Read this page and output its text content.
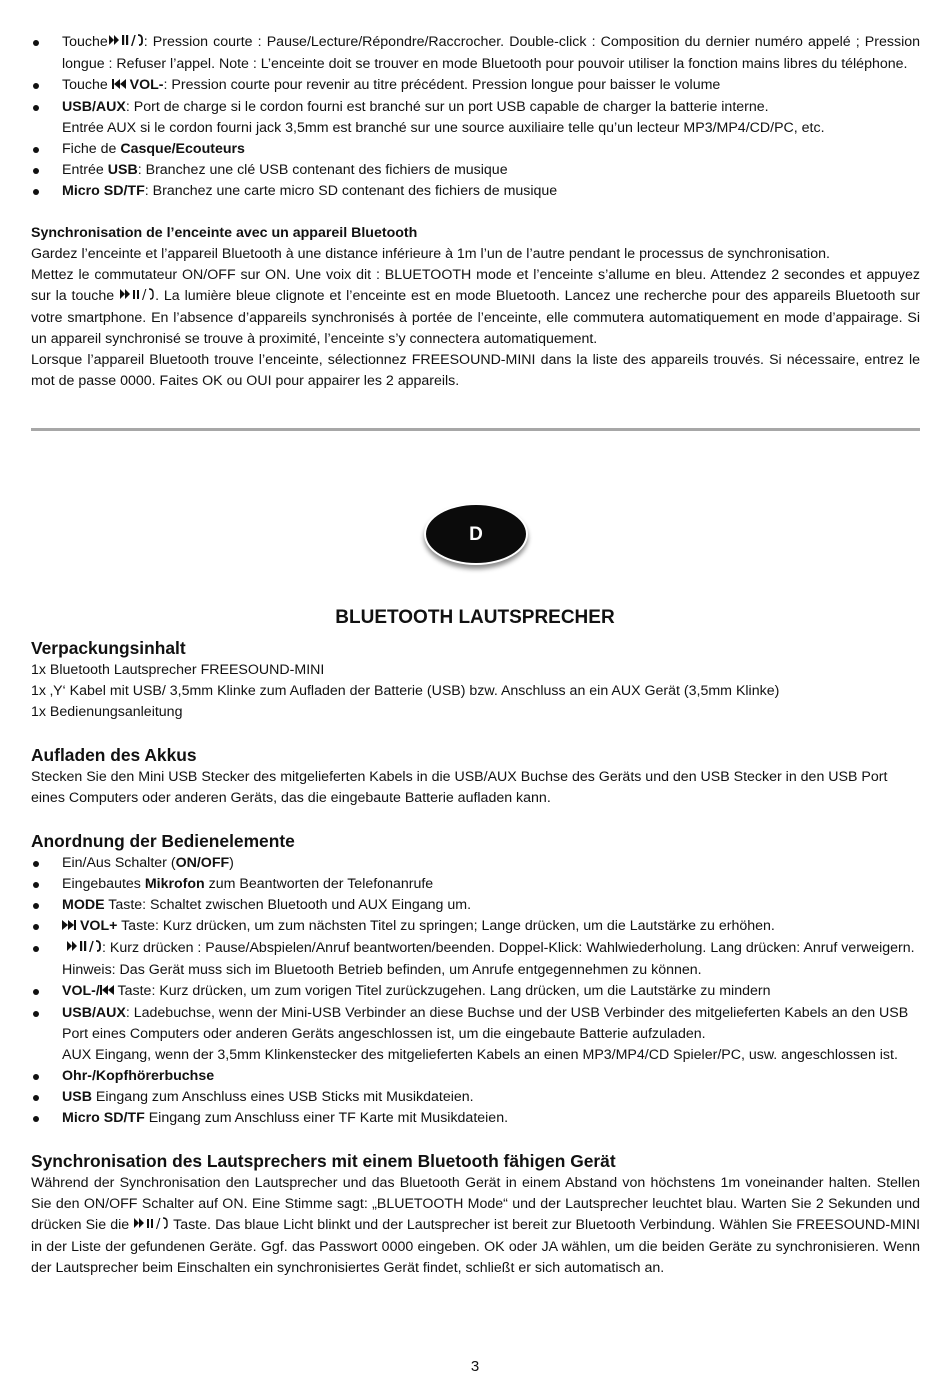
Touche / : Pression courte : Pause/Lecture/Répondre/Raccrocher. Double-click : Composition du dernier numéro appelé ; Pression longue : Refuser l’appel. Note : L’enceinte doit se trouver en mode Bluetooth pour pouvoir utiliser la fonction mains libres du téléphone.
Touche  VOL-: Pression courte pour revenir au titre précédent. Pression longue pour baisser le volume
USB/AUX: Port de charge si le cordon fourni est branché sur un port USB capable de charger la batterie interne.
Entrée AUX si le cordon fourni jack 3,5mm est branché sur une source auxiliaire telle qu’un lecteur MP3/MP4/CD/PC, etc.
Fiche de Casque/Ecouteurs
Entrée USB: Branchez une clé USB contenant des fichiers de musique
Micro SD/TF: Branchez une carte micro SD contenant des fichiers de musique
Synchronisation de l’enceinte avec un appareil Bluetooth

Gardez l’enceinte et l’appareil Bluetooth à une distance inférieure à 1m l’un de l’autre pendant le processus de synchronisation.

Mettez le commutateur ON/OFF sur ON. Une voix dit : BLUETOOTH mode et l’enceinte s’allume en bleu. Attendez 2 secondes et appuyez sur la touche / . La lumière bleue clignote et l’enceinte est en mode Bluetooth. Lancez une recherche pour des appareils Bluetooth sur votre smartphone. En l’absence d’appareils synchronisés à portée de l’enceinte, elle commutera automatiquement en mode d’appairage. Si un appareil synchronisé se trouve à proximité, l’enceinte s’y connectera automatiquement.

Lorsque l’appareil Bluetooth trouve l’enceinte, sélectionnez FREESOUND-MINI dans la liste des appareils trouvés. Si nécessaire, entrez le mot de passe 0000. Faites OK ou OUI pour appairer les 2 appareils.

D
BLUETOOTH LAUTSPRECHER
Verpackungsinhalt

1x Bluetooth Lautsprecher FREESOUND-MINI

1x ‚Y‘ Kabel mit USB/ 3,5mm Klinke zum Aufladen der Batterie (USB) bzw. Anschluss an ein AUX Gerät (3,5mm Klinke)

1x Bedienungsanleitung

Aufladen des Akkus

Stecken Sie den Mini USB Stecker des mitgelieferten Kabels in die USB/AUX Buchse des Geräts und den USB Stecker in den USB Port eines Computers oder anderen Geräts, das die eingebaute Batterie aufladen kann.

Anordnung der Bedienelemente
Ein/Aus Schalter (ON/OFF)
Eingebautes Mikrofon zum Beantworten der Telefonanrufe
MODE Taste: Schaltet zwischen Bluetooth und AUX Eingang um.
VOL+ Taste: Kurz drücken, um zum nächsten Titel zu springen; Lange drücken, um die Lautstärke zu erhöhen.
/ : Kurz drücken : Pause/Abspielen/Anruf beantworten/beenden. Doppel-Klick: Wahlwiederholung. Lang drücken: Anruf verweigern. Hinweis: Das Gerät muss sich im Bluetooth Betrieb befinden, um Anrufe entgegennehmen zu können.
VOL-/ Taste: Kurz drücken, um zum vorigen Titel zurückzugehen. Lang drücken, um die Lautstärke zu mindern
USB/AUX: Ladebuchse, wenn der Mini-USB Verbinder an diese Buchse und der USB Verbinder des mitgelieferten Kabels an den USB Port eines Computers oder anderen Geräts angeschlossen ist, um die eingebaute Batterie aufzuladen.
AUX Eingang, wenn der 3,5mm Klinkenstecker des mitgelieferten Kabels an einen MP3/MP4/CD Spieler/PC, usw. angeschlossen ist.
Ohr-/Kopfhörerbuchse
USB Eingang zum Anschluss eines USB Sticks mit Musikdateien.
Micro SD/TF Eingang zum Anschluss einer TF Karte mit Musikdateien.
Synchronisation des Lautsprechers mit einem Bluetooth fähigen Gerät

Während der Synchronisation den Lautsprecher und das Bluetooth Gerät in einem Abstand von höchstens 1m voneinander halten. Stellen Sie den ON/OFF Schalter auf ON. Eine Stimme sagt: „BLUETOOTH Mode“ und der Lautsprecher leuchtet blau. Warten Sie 2 Sekunden und drücken Sie die / Taste. Das blaue Licht blinkt und der Lautsprecher ist bereit zur Bluetooth Verbindung. Wählen Sie FREESOUND-MINI in der Liste der gefundenen Geräte. Ggf. das Passwort 0000 eingeben. OK oder JA wählen, um die beiden Geräte zu synchronisieren. Wenn der Lautsprecher beim Einschalten ein synchronisiertes Gerät findet, schließt er sich automatisch an.

3
